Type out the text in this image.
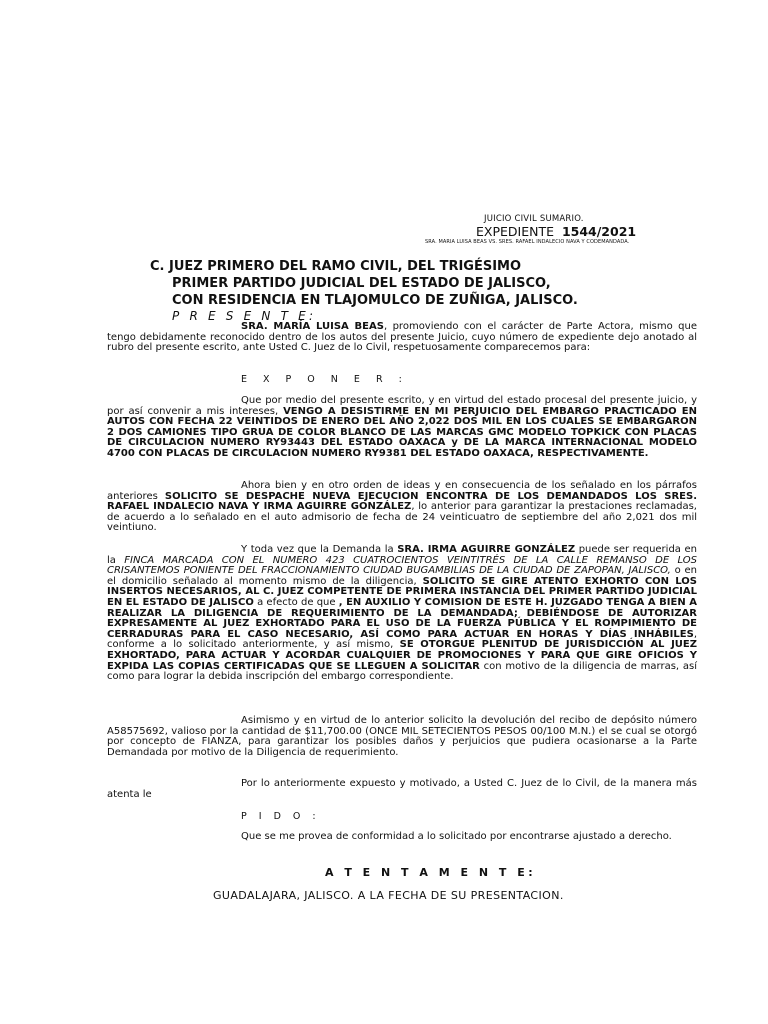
JUICIO CIVIL SUMARIO.
EXPEDIENTE 1544/2021
SRA. MARIA LUISA BEAS VS. SRES. RAFAEL INDALECIO NAVA Y CODEMANDADA.
C. JUEZ PRIMERO DEL RAMO CIVIL, DEL TRIGÉSIMO
PRIMER PARTIDO JUDICIAL DEL ESTADO DE JALISCO,
CON RESIDENCIA EN TLAJOMULCO DE ZUÑIGA, JALISCO.
P R E S E N T E:
SRA. MARÍA LUISA BEAS, promoviendo con el carácter de Parte Actora, mismo que tengo debidamente reconocido dentro de los autos del presente Juicio, cuyo número de expediente dejo anotado al rubro del presente escrito, ante Usted C. Juez de lo Civil, respetuosamente comparecemos para:
E X P O N E R :
Que por medio del presente escrito, y en virtud del estado procesal del presente juicio, y por así convenir a mis intereses, VENGO A DESISTIRME EN MI PERJUICIO DEL EMBARGO PRACTICADO EN AUTOS CON FECHA 22 VEINTIDOS DE ENERO DEL AÑO 2,022 DOS MIL EN LOS CUALES SE EMBARGARON 2 DOS CAMIONES TIPO GRUA DE COLOR BLANCO DE LAS MARCAS GMC MODELO TOPKICK CON PLACAS DE CIRCULACION NUMERO RY93443 DEL ESTADO OAXACA y DE LA MARCA INTERNACIONAL MODELO 4700 CON PLACAS DE CIRCULACION NUMERO RY9381 DEL ESTADO OAXACA, RESPECTIVAMENTE.
Ahora bien y en otro orden de ideas y en consecuencia de los señalado en los párrafos anteriores SOLICITO SE DESPACHE NUEVA EJECUCION ENCONTRA DE LOS DEMANDADOS LOS SRES. RAFAEL INDALECIO NAVA Y IRMA AGUIRRE GONZÁLEZ, lo anterior para garantizar la prestaciones reclamadas, de acuerdo a lo señalado en el auto admisorio de fecha de 24 veinticuatro de septiembre del año 2,021 dos mil veintiuno.
Y toda vez que la Demanda la SRA. IRMA AGUIRRE GONZÁLEZ puede ser requerida en la FINCA MARCADA CON EL NUMERO 423 CUATROCIENTOS VEINTITRÉS DE LA CALLE REMANSO DE LOS CRISANTEMOS PONIENTE DEL FRACCIONAMIENTO CIUDAD BUGAMBILIAS DE LA CIUDAD DE ZAPOPAN, JALISCO, o en el domicilio señalado al momento mismo de la diligencia, SOLICITO SE GIRE ATENTO EXHORTO CON LOS INSERTOS NECESARIOS, AL C. JUEZ COMPETENTE DE PRIMERA INSTANCIA DEL PRIMER PARTIDO JUDICIAL EN EL ESTADO DE JALISCO a efecto de que , EN AUXILIO Y COMISION DE ESTE H. JUZGADO TENGA A BIEN A REALIZAR LA DILIGENCIA DE REQUERIMIENTO DE LA DEMANDADA; DEBIÉNDOSE DE AUTORIZAR EXPRESAMENTE AL JUEZ EXHORTADO PARA EL USO DE LA FUERZA PÚBLICA Y EL ROMPIMIENTO DE CERRADURAS PARA EL CASO NECESARIO, ASÍ COMO PARA ACTUAR EN HORAS Y DÍAS INHÁBILES, conforme a lo solicitado anteriormente, y así mismo, SE OTORGUE PLENITUD DE JURISDICCIÓN AL JUEZ EXHORTADO, PARA ACTUAR Y ACORDAR CUALQUIER DE PROMOCIONES Y PARA QUE GIRE OFICIOS Y EXPIDA LAS COPIAS CERTIFICADAS QUE SE LLEGUEN A SOLICITAR con motivo de la diligencia de marras, así como para lograr la debida inscripción del embargo correspondiente.
Asimismo y en virtud de lo anterior solicito la devolución del recibo de depósito número A58575692, valioso por la cantidad de $11,700.00 (ONCE MIL SETECIENTOS PESOS 00/100 M.N.) el se cual se otorgó por concepto de FIANZA, para garantizar los posibles daños y perjuicios que pudiera ocasionarse a la Parte Demandada por motivo de la Diligencia de requerimiento.
Por lo anteriormente expuesto y motivado, a Usted C. Juez de lo Civil, de la manera más atenta le
P I D O :
Que se me provea de conformidad a lo solicitado por encontrarse ajustado a derecho.
A T E N T A M E N T E:
GUADALAJARA, JALISCO. A LA FECHA DE SU PRESENTACION.
